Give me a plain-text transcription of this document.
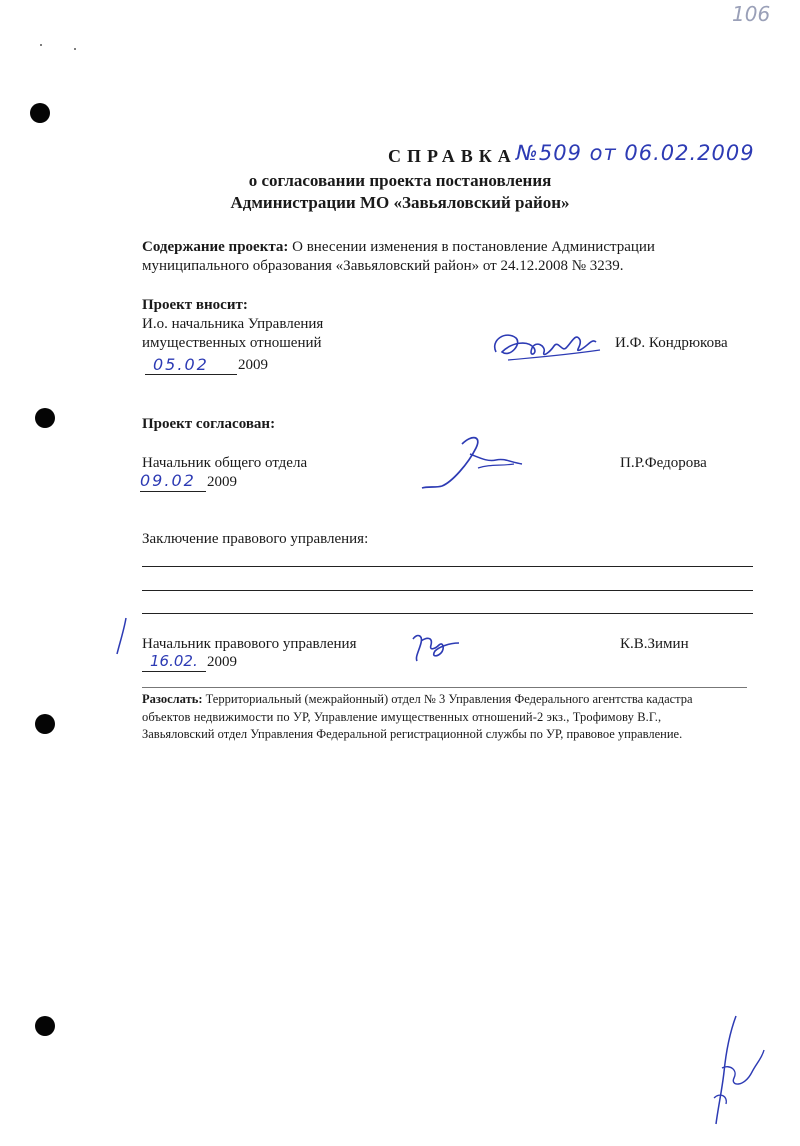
106
СПРАВКА №509 от 06.02.2009
о согласовании проекта постановления
Администрации МО «Завьяловский район»
Содержание проекта: О внесении изменения в постановление Администрации
муниципального образования «Завьяловский район» от 24.12.2008 № 3239.
Проект вносит:
И.о. начальника Управления
имущественных отношений
05.02 2009
И.Ф. Кондрюкова
Проект согласован:
Начальник общего отдела
09.02 2009
П.Р.Федорова
Заключение правового управления:
Начальник правового управления
16.02. 2009
К.В.Зимин
Разослать: Территориальный (межрайонный) отдел № 3 Управления Федерального агентства кадастра
объектов недвижимости по УР, Управление имущественных отношений-2 экз., Трофимову В.Г.,
Завьяловский отдел Управления Федеральной регистрационной службы по УР, правовое управление.
